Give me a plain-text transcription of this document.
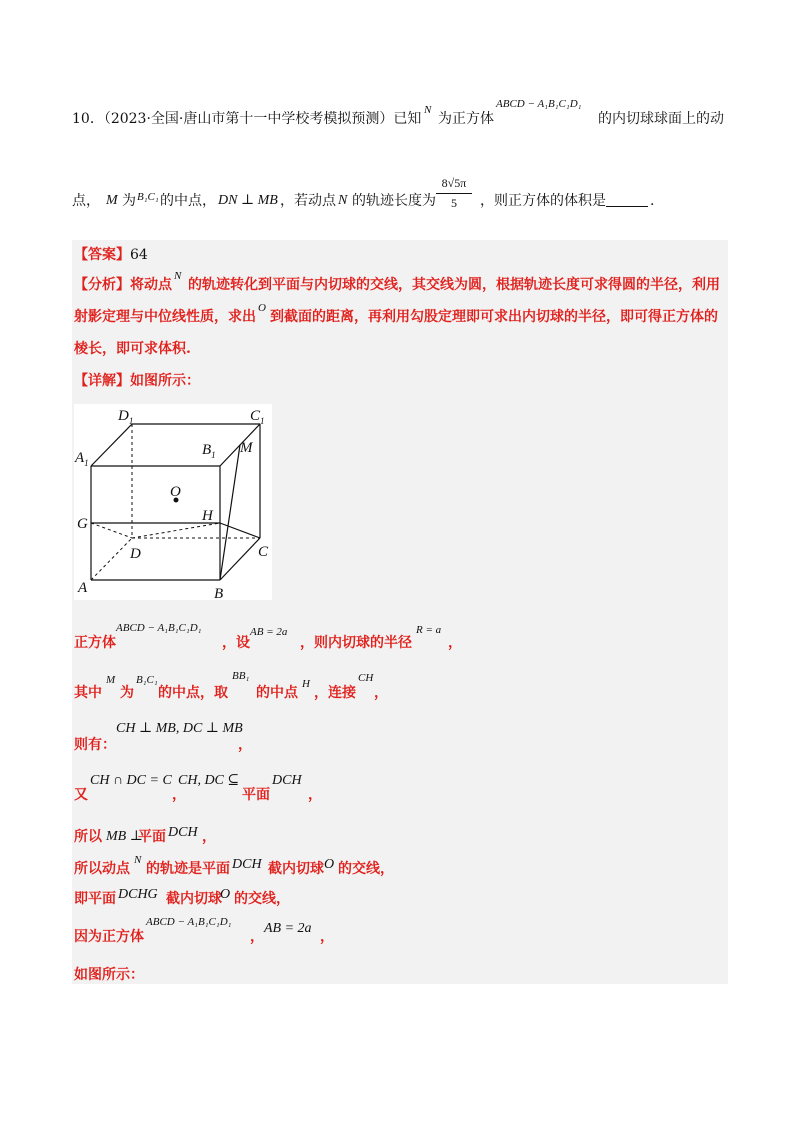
10．（2023·全国·唐山市第十一中学校考模拟预测）已知
N
为正方体
ABCD − A₁B₁C₁D₁
的内切球球面上的动
点， M 为 B₁C₁ 的中点， DN ⊥ MB ，若动点 N 的轨迹长度为
8√5π
5	，则正方体的体积是	.
【答案】64
【分析】将动点
N
的轨迹转化到平面与内切球的交线，其交线为圆，根据轨迹长度可求得圆的半径，利用
射影定理与中位线性质，求出
O
到截面的距离，再利用勾股定理即可求出内切球的半径，即可得正方体的
棱长，即可求体积.
【详解】如图所示：
$D_1$	$C_1$
$A_1$
$B_1$ M
O
G	H
D	C
A	B
正方体
ABCD − A₁B₁C₁D₁
，设
AB = 2a
，则内切球的半径
R = a
，
其中
M
为
B₁C₁
的中点，取
BB₁
的中点
H
，连接
CH
，
则有：
CH ⊥ MB, DC ⊥ MB
，
又
CH ∩ DC = C
，
CH, DC ⊆
平面
DCH
，
所以 MB ⊥
平面 DCH ，
所以动点
N
的轨迹是平面 DCH 截内切球 O 的交线，
即平面 DCHG 截内切球
O 的交线，
因为正方体
ABCD − A₁B₁C₁D₁
，
AB = 2a
，
如图所示：
